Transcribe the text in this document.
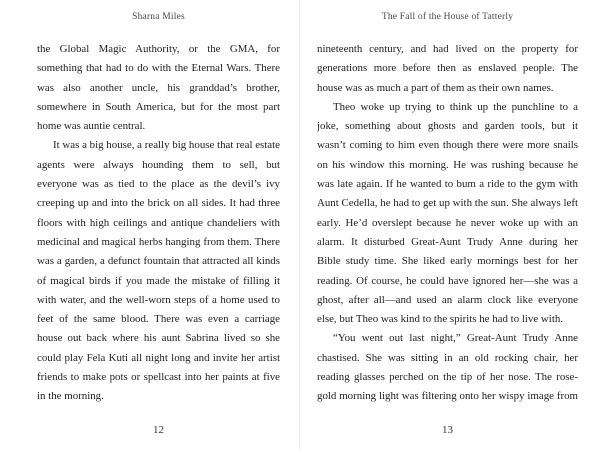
Sharna Miles

the Global Magic Authority, or the GMA, for something that had to do with the Eternal Wars. There was also another uncle, his granddad’s brother, somewhere in South America, but for the most part home was auntie central.

It was a big house, a really big house that real estate agents were always hounding them to sell, but everyone was as tied to the place as the devil’s ivy creeping up and into the brick on all sides. It had three floors with high ceilings and antique chandeliers with medicinal and magical herbs hanging from them. There was a garden, a defunct fountain that attracted all kinds of magical birds if you made the mistake of filling it with water, and the well-worn steps of a home used to feet of the same blood. There was even a carriage house out back where his aunt Sabrina lived so she could play Fela Kuti all night long and invite her artist friends to make pots or spellcast into her paints at five in the morning.

12
The Fall of the House of Tatterly

nineteenth century, and had lived on the property for generations more before then as enslaved people. The house was as much a part of them as their own names.

Theo woke up trying to think up the punchline to a joke, something about ghosts and garden tools, but it wasn’t coming to him even though there were more snails on his window this morning. He was rushing because he was late again. If he wanted to bum a ride to the gym with Aunt Cedella, he had to get up with the sun. She always left early. He’d overslept because he never woke up with an alarm. It disturbed Great-Aunt Trudy Anne during her Bible study time. She liked early mornings best for her reading. Of course, he could have ignored her—she was a ghost, after all—and used an alarm clock like everyone else, but Theo was kind to the spirits he had to live with.

“You went out last night,” Great-Aunt Trudy Anne chastised. She was sitting in an old rocking chair, her reading glasses perched on the tip of her nose. The rose-gold morning light was filtering onto her wispy image from

13
